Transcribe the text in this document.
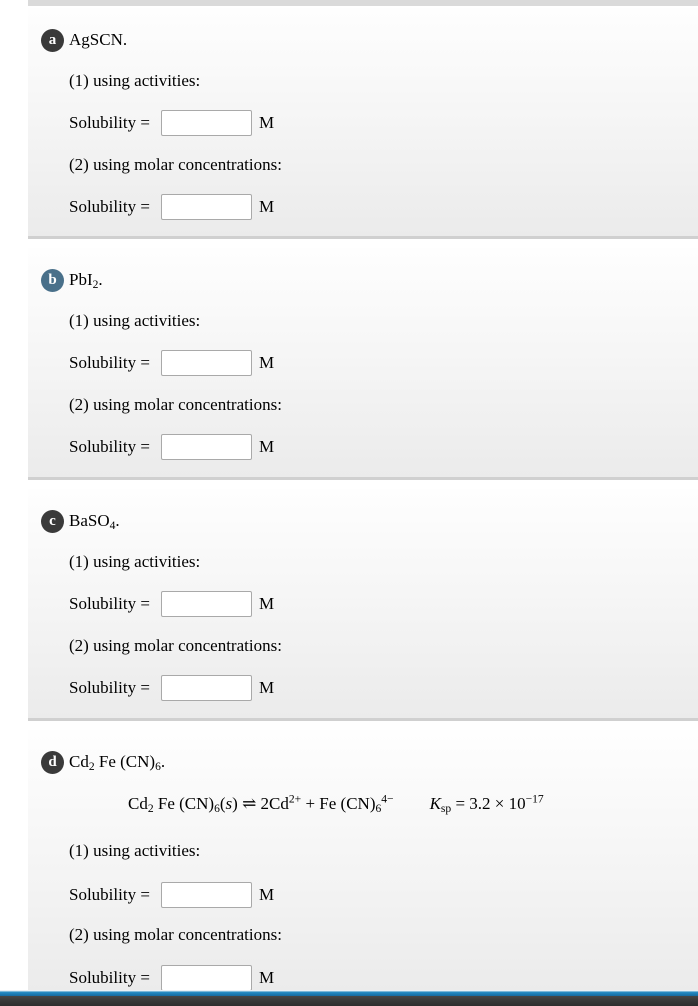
a AgSCN.
(1) using activities:
Solubility =	M
(2) using molar concentrations:
Solubility =	M
b PbI$_2$.
(1) using activities:
Solubility =	M
(2) using molar concentrations:
Solubility =	M
c BaSO$_4$.
(1) using activities:
Solubility =	M
(2) using molar concentrations:
Solubility =	M
d $Cd_2$ Fe $(CN)_6$.
$Cd_2$ Fe $(CN)_6(s)$ ⇌ $2Cd^{2+} + Fe$ $(CN)_6^{4-}$ $K_{sp} = 3.2 \times 10^{-17}$
(1) using activities:
Solubility =	M
(2) using molar concentrations:
Solubility =	M
